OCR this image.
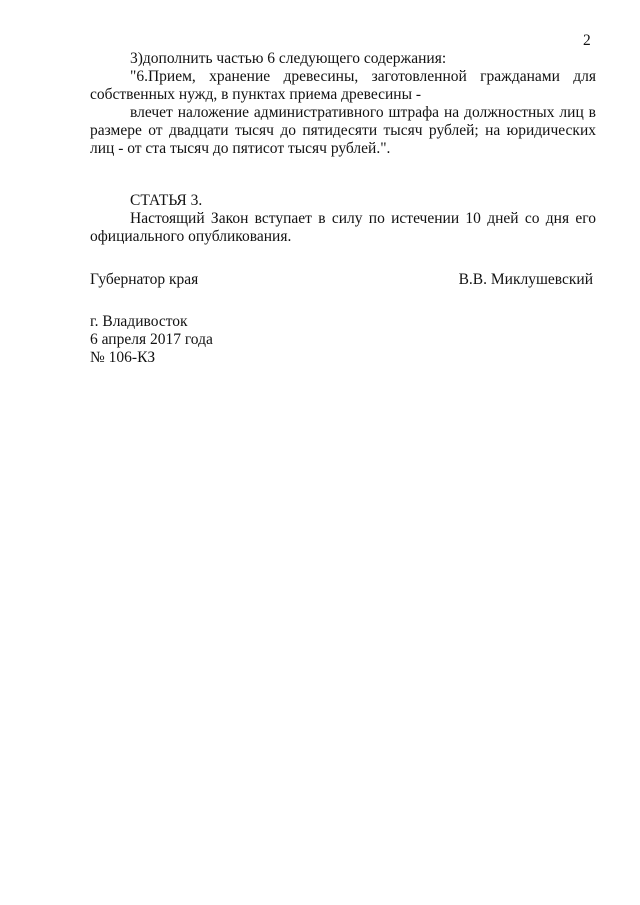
2

3)дополнить частью 6 следующего содержания:

"6.Прием, хранение древесины, заготовленной гражданами для собственных нужд, в пунктах приема древесины -

влечет наложение административного штрафа на должностных лиц в размере от двадцати тысяч до пятидесяти тысяч рублей; на юридических лиц - от ста тысяч до пятисот тысяч рублей.".

СТАТЬЯ 3.

Настоящий Закон вступает в силу по истечении 10 дней со дня его официального опубликования.

Губернатор края	В.В. Миклушевский
г. Владивосток
6 апреля 2017 года
№ 106-КЗ
